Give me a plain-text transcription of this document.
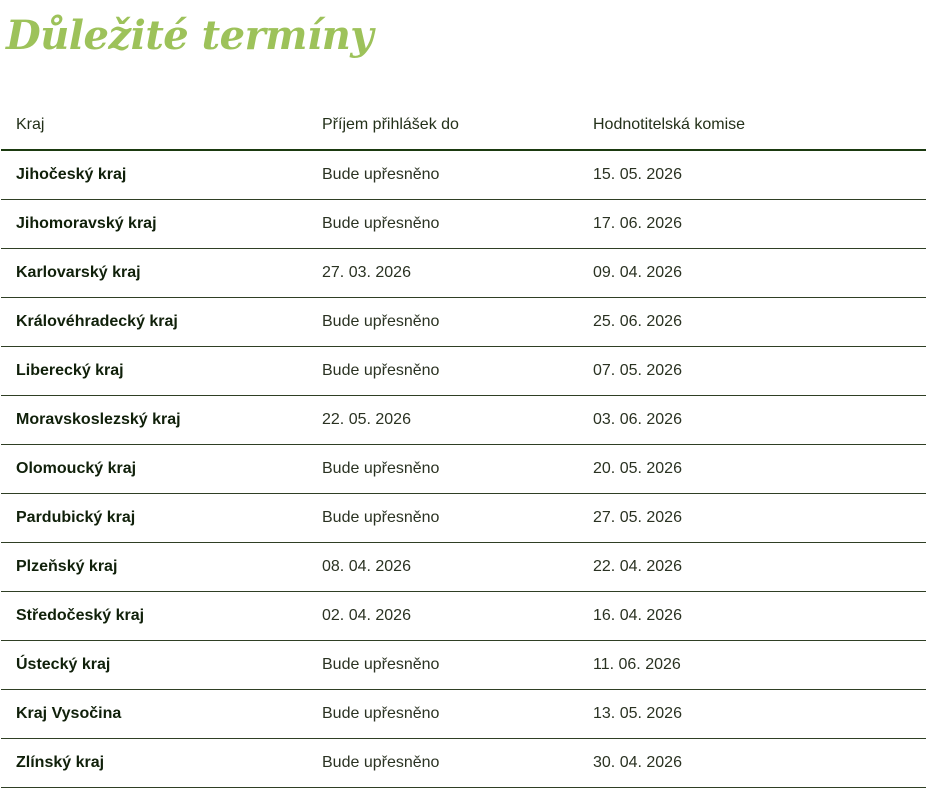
Důležité termíny
Kraj	Příjem přihlášek do	Hodnotitelská komise
Jihočeský kraj	Bude upřesněno	15. 05. 2026
Jihomoravský kraj	Bude upřesněno	17. 06. 2026
Karlovarský kraj	27. 03. 2026	09. 04. 2026
Královéhradecký kraj	Bude upřesněno	25. 06. 2026
Liberecký kraj	Bude upřesněno	07. 05. 2026
Moravskoslezský kraj	22. 05. 2026	03. 06. 2026
Olomoucký kraj	Bude upřesněno	20. 05. 2026
Pardubický kraj	Bude upřesněno	27. 05. 2026
Plzeňský kraj	08. 04. 2026	22. 04. 2026
Středočeský kraj	02. 04. 2026	16. 04. 2026
Ústecký kraj	Bude upřesněno	11. 06. 2026
Kraj Vysočina	Bude upřesněno	13. 05. 2026
Zlínský kraj	Bude upřesněno	30. 04. 2026
